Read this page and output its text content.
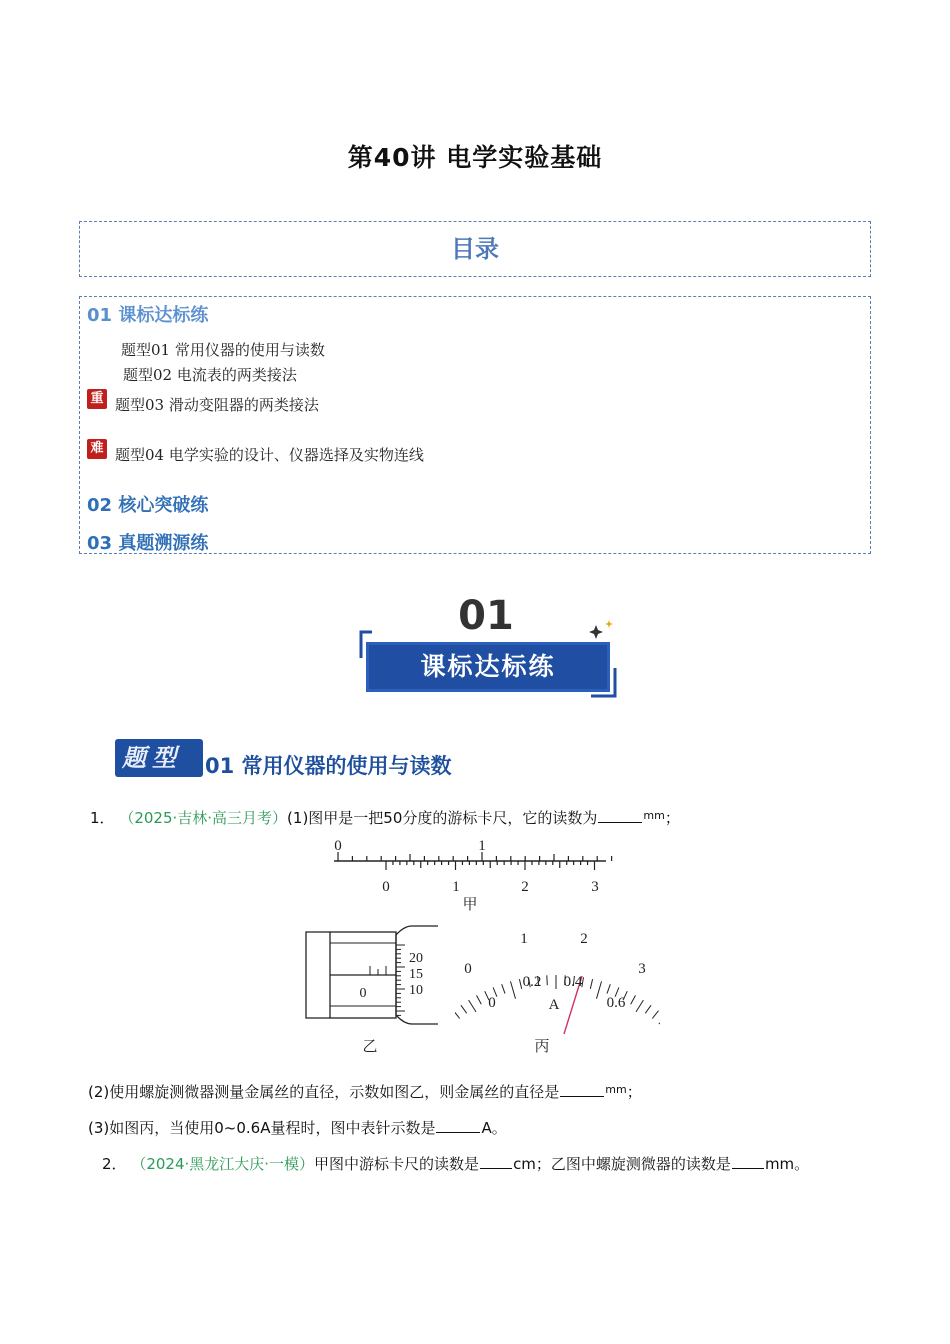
第40讲 电学实验基础
目录
01 课标达标练
题型01 常用仪器的使用与读数
题型02 电流表的两类接法
重 题型03 滑动变阻器的两类接法
难 题型04 电学实验的设计、仪器选择及实物连线
02 核心突破练
03 真题溯源练
01
课标达标练
题型	01 常用仪器的使用与读数
1． （2025·吉林·高三月考）(1)图甲是一把50分度的游标卡尺，它的读数为	$^{mm}$；
0	1
0	1	2	3
甲
0
20
15
10
乙
0
1	2
3
0
0.2 0.4
0.6
A
丙
(2)使用螺旋测微器测量金属丝的直径，示数如图乙，则金属丝的直径是	$^{mm}$；
(3)如图丙，当使用0~0.6A量程时，图中表针示数是	A。
2． （2024·黑龙江大庆·一模）甲图中游标卡尺的读数是 cm；乙图中螺旋测微器的读数是 mm。
